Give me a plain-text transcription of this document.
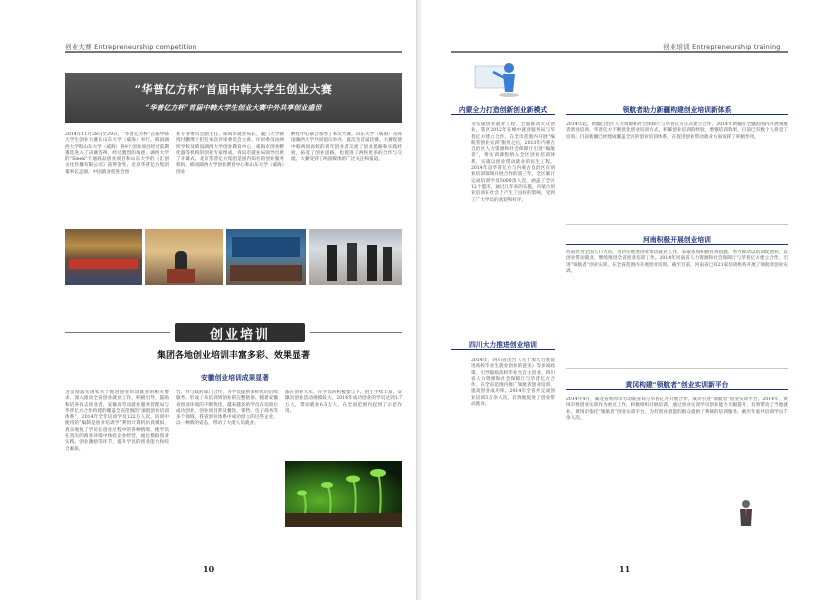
创业大赛 Entrepreneurship competition
“华普亿方杯”首届中韩大学生创业大赛
“华普亿方杯”首届中韩大学生创业大赛中外共享创业盛世
2014年11月28日至29日，“华普亿方杯”首届中韩大学生创业大赛在山东大学（威海）举行。韩国湖西大学和山东大学（威海）各9个创业项目经过前期遴选进入了决赛答辩，经过激烈的角逐，湖西大学的“Sleek”卡通商品创业项目和山东大学的《汇创文化传播有限公司》获得金奖。北京华普亿方集团董事长孟强、中国就业促进会创
业专业委员会副主任、威海市就业局长、厦门大学教授付鹏博士担任本次评审委员会主席。评审委员由两所学校及韩国湖西大学创业教育中心，威海市创业孵化器等机构的创业专家组成，青岛市就业局领导出席了开幕式。北京华普亿方集团是国内知名的创业服务机构，韩国湖西大学创业教育中心和山东大学（威海）创业
孵化中心联合承办了本次大赛。山东大学（威海）及韩国湖西大学共同倡议举办，此次为首届比赛。大赛促使中韩两国高校的青年创业者交流了创业思路和实践经验，拓宽了创业思路，也促进了两校更多的合作与交流。大赛受到了两国媒体的广泛关注和报道。
创业培训
集团各地创业培训丰富多彩、效果显著
安徽创业培训成果显著
为贯彻落实国家关于推进创业带动就业的相关要求，深入推动全省创业就业工作，积极引导、鼓励和培养有志创业者，安徽省劳动就业服务管理局与华普亿方合作构建的覆盖全省范围的“滚既创业培训体系”，2014年全年培训学员122万人次。培训中使用的“编制是创业培训学”利用计算机仿真模拟，真实地复了学员在创业过程中的各种情境，使学员在真实的商业环境中体验企业经营，通过模拟创业实践、创业激励等环节，提升学员的创业能力和综合素质。
台，并与政府部门合作，为学员提供多样化的后续服务，形成了从培训到创业的完整链条。随着安徽省创业环境的不断优化，越来越多的学员在培训后成功创业，创业项目涉及餐饮、零售、电子商务等多个领域。我省创业体系中成功创立的这些企业，以一种新的姿态，带动了大批人员就业。
都在创业大军，在学员的积极参与下。由于手续丰富，安徽省创业活动规模较大，2014年成功创业的学员达到1.7万人，带动就业6.5万人，在全国范围内起到了示范作用。
10
创业培训 Entrepreneurship training
内蒙全力打造创新创业新模式
为实施创业就业工程，全面推动大众创业，我区2012年在峰中就业服务局与华普亿方建立合作，在全市范围内开展“编航者创业实训”服务之后，2013年内蒙古自治区人力资源和社会保障厅引进“编航者”，将实训课程纳入全区创业培训体系，实施以创业带动就业的民生工程。2014年是华普亿方与内蒙古自治区在创业培训领域开展合作的第三年，全区累计完成培训学员5000余人次，涵盖了全区12个盟市。通过几年来的实施，内蒙古创业培训在社会上产生了良好的影响，受到了广大学员的欢迎和好评。
领航者助力新疆构建创业培训新体系
2014年起，新疆自治区人力资源和社会保障厅与华普亿方正式建立合作，2014年新疆在全疆范围内开展领航者创业培训，华普亿方不断优化创业培训方式，积累创业培训的经验，增强培训效果，目前已有数个人将受了培训。目前新疆已经建成覆盖全区的创业培训体系，在促进创业带动就业方面发挥了积极作用。
河南积极开展创业培训
河南作为全国人口大省，为切实推进创业带动就业工作，采取多项积极有效措施，努力推动以培训促创业，以创业带动就业，继续推进全省创业培训工作。2014年河南省人力资源和社会保障厅与华普亿方建立合作，引进“领航者”创业实训，在全省范围内开展创业培训。截至目前，河南省已有21家培训机构开展了领航者创业实训。
四川大力推进创业培训
2014年，四川省出台《关于加大力度促进高校毕业生就业创业的意见》等多项政策，引导鼓励高校毕业生自主创业。四川省人力资源和社会保障厅与华普亿方合作，在全省范围内推广领航者创业培训，提高创业成功率。2014年全省共完成创业培训3万余人次，有效地促进了创业带动就业。
黄冈构建“领航者”创业实训新平台
2014年4月，湖北省黄冈市劳动就业局与华普亿方开展合作，成功引进“领航者”创业实训平台。2014年，黄冈市将创业实训作为重点工作，积极组织开展培训，通过创业实训学员创业能力大幅提升，有效带动了当地就业。黄冈市依托“领航者”创业实训平台，为有创业意愿的群众提供了系统的培训服务，截至年底共培训学员千余人次。
11
